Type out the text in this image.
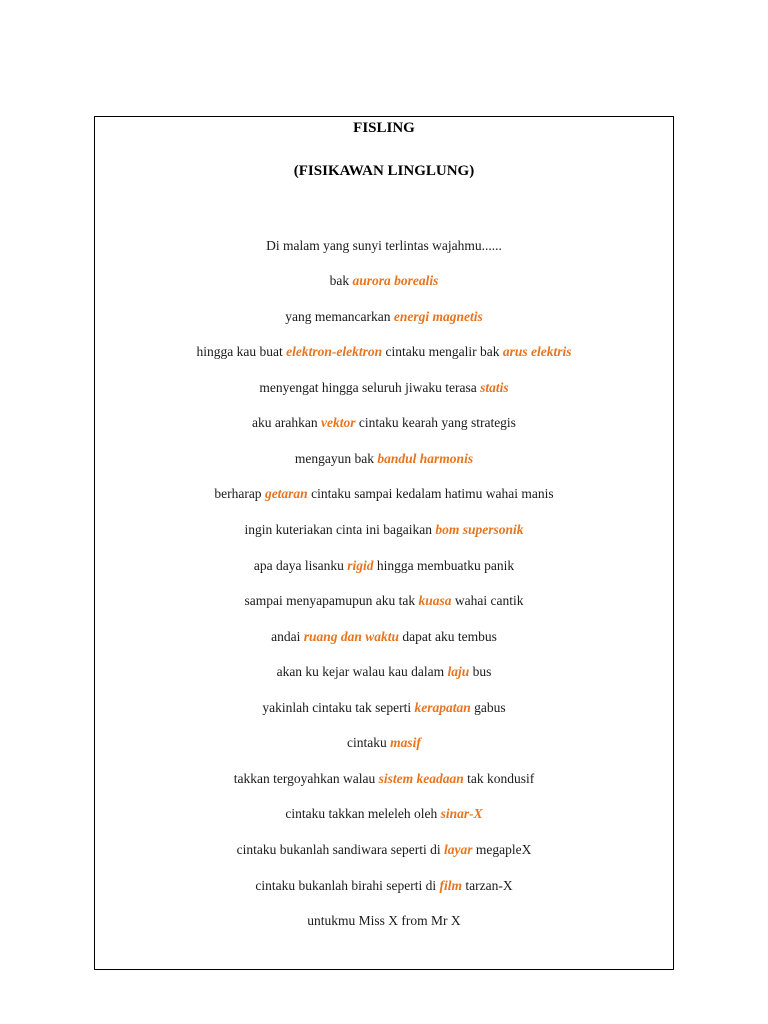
FISLING
(FISIKAWAN LINGLUNG)
Di malam yang sunyi terlintas wajahmu......
bak aurora borealis
yang memancarkan energi magnetis
hingga kau buat elektron-elektron cintaku mengalir bak arus elektris
menyengat hingga seluruh jiwaku terasa statis
aku arahkan vektor cintaku kearah yang strategis
mengayun bak bandul harmonis
berharap getaran cintaku sampai kedalam hatimu wahai manis
ingin kuteriakan cinta ini bagaikan bom supersonik
apa daya lisanku rigid hingga membuatku panik
sampai menyapamupun aku tak kuasa wahai cantik
andai ruang dan waktu dapat aku tembus
akan ku kejar walau kau dalam laju bus
yakinlah cintaku tak seperti kerapatan gabus
cintaku masif
takkan tergoyahkan walau sistem keadaan tak kondusif
cintaku takkan meleleh oleh sinar-X
cintaku bukanlah sandiwara seperti di layar megapleX
cintaku bukanlah birahi seperti di film tarzan-X
untukmu Miss X from Mr X
